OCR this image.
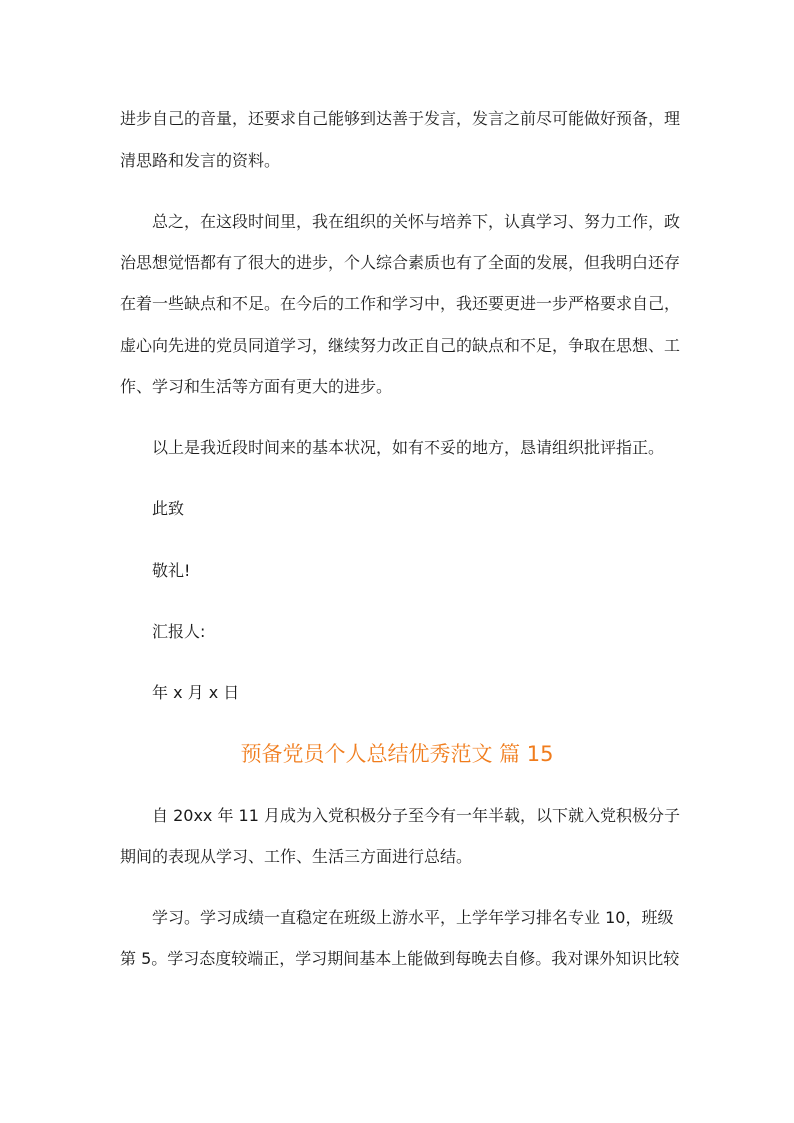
进步自己的音量，还要求自己能够到达善于发言，发言之前尽可能做好预备，理

清思路和发言的资料。

总之，在这段时间里，我在组织的关怀与培养下，认真学习、努力工作，政

治思想觉悟都有了很大的进步，个人综合素质也有了全面的发展，但我明白还存

在着一些缺点和不足。在今后的工作和学习中，我还要更进一步严格要求自己，

虚心向先进的党员同道学习，继续努力改正自己的缺点和不足，争取在思想、工

作、学习和生活等方面有更大的进步。

以上是我近段时间来的基本状况，如有不妥的地方，恳请组织批评指正。

此致

敬礼!

汇报人:

年 x 月 x 日

预备党员个人总结优秀范文 篇 15

自 20xx 年 11 月成为入党积极分子至今有一年半载，以下就入党积极分子

期间的表现从学习、工作、生活三方面进行总结。

学习。学习成绩一直稳定在班级上游水平，上学年学习排名专业 10，班级

第 5。学习态度较端正，学习期间基本上能做到每晚去自修。我对课外知识比较
